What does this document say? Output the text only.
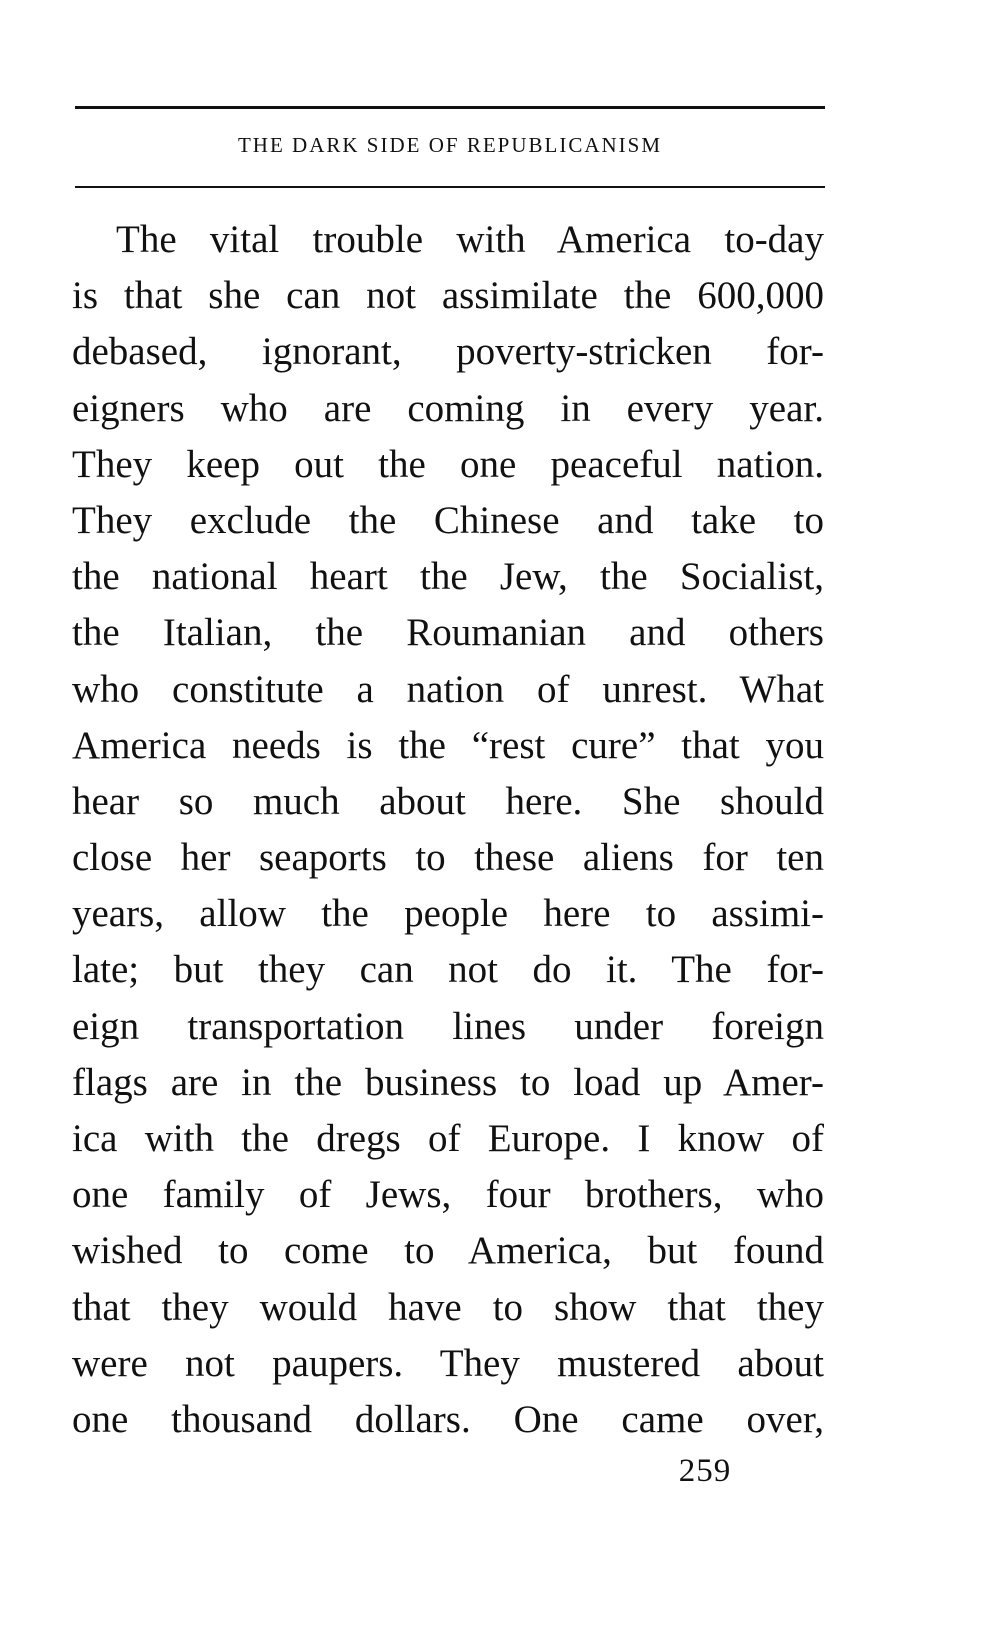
THE DARK SIDE OF REPUBLICANISM
The vital trouble with America to-day
is that she can not assimilate the 600,000
debased, ignorant, poverty-stricken for-
eigners who are coming in every year.
They keep out the one peaceful nation.
They exclude the Chinese and take to
the national heart the Jew, the Socialist,
the Italian, the Roumanian and others
who constitute a nation of unrest. What
America needs is the “rest cure” that you
hear so much about here. She should
close her seaports to these aliens for ten
years, allow the people here to assimi-
late; but they can not do it. The for-
eign transportation lines under foreign
flags are in the business to load up Amer-
ica with the dregs of Europe. I know of
one family of Jews, four brothers, who
wished to come to America, but found
that they would have to show that they
were not paupers. They mustered about
one thousand dollars. One came over,
259
